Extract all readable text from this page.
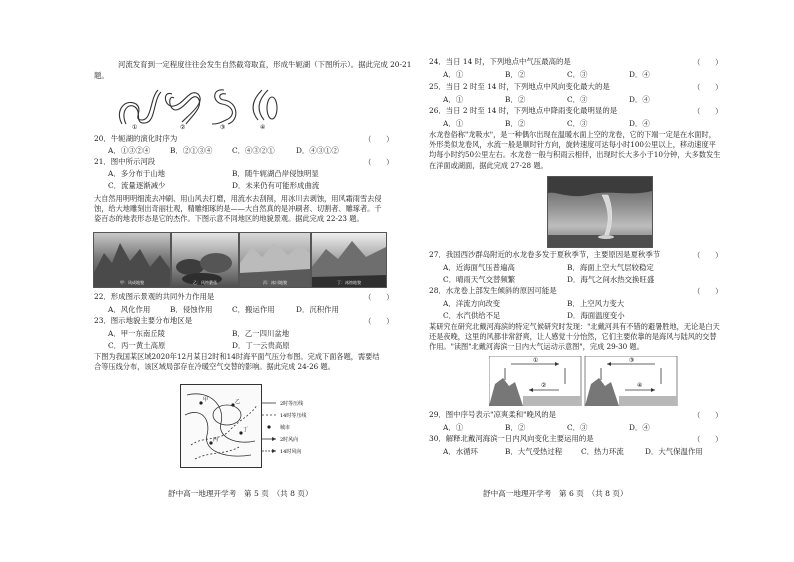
河流发育到一定程度往往会发生自然截弯取直，形成牛轭湖（下图所示）。据此完成 20-21
题。
①	②	③	④
20．牛轭湖的演化时序为	（　　）
A．①③②④	B．②①③④	C．④③②①	D．④③①②
21．图中所示河段	（　　）
A．多分布于山地	B．随牛轭湖凸岸侵蚀明显
C．流量逐渐减少	D．未来仍有可能形成曲流
大自然用明明细流去冲刷、用山风去打磨，用流水去刮削，用冰川去剥蚀，用风霜雨雪去侵蚀，给大地雕刻出奇丽壮观，精雕细琢的是——大自然真的是冲刷者、切割者、雕琢者。千姿百态的地表形态是它的杰作。下图示意不同地区的地貌景观。据此完成 22-23 题。
甲：风成地貌	乙：风蚀蘑菇	丙：冰川地貌	丁：冰蚀地貌
22．形成图示景观的共同外力作用是	（　　）
A．风化作用	B．侵蚀作用	C．搬运作用	D．沉积作用
23．图示地貌主要分布地区是	（　　）
A．甲一东南丘陵	B．乙一四川盆地
C．丙一黄土高原	D．丁一云贵高原
下图为我国某区域2020年12月某日2时和14时海平面气压分布图。完成下面各题，需要结合等压线分布，该区域局部存在冷暖空气交替的影响。据此完成 24-26 题。
甲	乙
丙
丁
2时等压线
14时等压线
城市
2时风向
14时风向
舒中高一地理开学考　第 5 页　（共 8 页）
24．当日 14 时，下列地点中气压最高的是	（　　）
A．①	B．②	C．③	D．④
25．当日 2 时至 14 时，下列地点中风向变化最大的是	（　　）
A．①	B．②	C．③	D．④
26．当日 2 时至 14 时，下列地点中降雨变化最明显的是	（　　）
A．①	B．②	C．③	D．④
水龙卷俗称"龙吸水"，是一种偶尔出现在温暖水面上空的龙卷，它的下端一定是在水面时，外形类似龙卷风，水流一般是顺时针方向，旋转速度可达每小时100公里以上，移动速度平均每小时约50公里左右。水龙卷一般与积雨云相伴，出现时长大多小于10分钟，大多数发生在洋面或湖面，据此完成 27-28 题。
27．我国西沙群岛附近的水龙卷多发于夏秋季节，主要原因是夏秋季节	（　　）
A．近海面气压普遍高	B．海面上空大气层较稳定
C．晴雨天气交替频繁	D．海气之间水热交换旺盛
28．水龙卷上部发生倾斜的原因可能是	（　　）
A．洋流方向改变	B．上空风力变大
C．水汽供给不足	D．海面温度变小
某研究在研究北戴河海滨的特定气候研究时发现："北戴河具有不错的避暑胜地，无论是白天还是夜晚，这里的风都非常舒爽，让人感觉十分怡然，它们主要依靠的是海风与陆风的交替作用。"读图"北戴河海滨一日内大气运动示意图"，完成 29-30 题。
①
②
③
④
29．图中序号表示"凉爽柔和"晚风的是	（　　）
A．①	B．②	C．③	D．④
30．解释北戴河海滨一日内风向变化主要运用的是	（　　）
A．水循环	B．大气受热过程	C．热力环流	D．大气保温作用
舒中高一地理开学考　第 6 页　（共 8 页）
